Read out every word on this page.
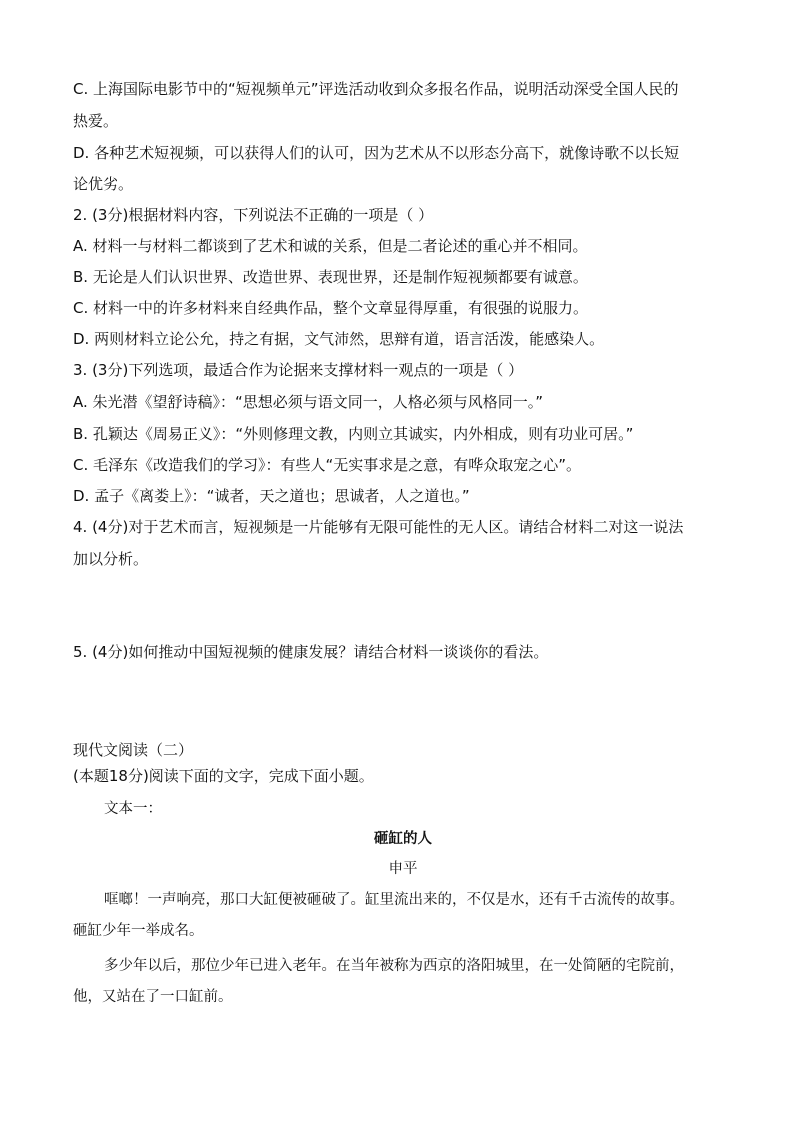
C. 上海国际电影节中的“短视频单元”评选活动收到众多报名作品，说明活动深受全国人民的
热爱。
D. 各种艺术短视频，可以获得人们的认可，因为艺术从不以形态分高下，就像诗歌不以长短
论优劣。
2. (3分)根据材料内容，下列说法不正确的一项是（ ）
A. 材料一与材料二都谈到了艺术和诚的关系，但是二者论述的重心并不相同。
B. 无论是人们认识世界、改造世界、表现世界，还是制作短视频都要有诚意。
C. 材料一中的许多材料来自经典作品，整个文章显得厚重，有很强的说服力。
D. 两则材料立论公允，持之有据，文气沛然，思辩有道，语言活泼，能感染人。
3. (3分)下列选项，最适合作为论据来支撑材料一观点的一项是（ ）
A. 朱光潜《望舒诗稿》：“思想必须与语文同一，人格必须与风格同一。”
B. 孔颖达《周易正义》：“外则修理文教，内则立其诚实，内外相成，则有功业可居。”
C. 毛泽东《改造我们的学习》：有些人“无实事求是之意，有哗众取宠之心”。
D. 孟子《离娄上》：“诚者，天之道也；思诚者，人之道也。”
4. (4分)对于艺术而言，短视频是一片能够有无限可能性的无人区。请结合材料二对这一说法
加以分析。
5. (4分)如何推动中国短视频的健康发展？请结合材料一谈谈你的看法。
现代文阅读（二）
(本题18分)阅读下面的文字，完成下面小题。
文本一：
砸缸的人
申平
哐啷！一声响亮，那口大缸便被砸破了。缸里流出来的，不仅是水，还有千古流传的故事。
砸缸少年一举成名。
多少年以后，那位少年已进入老年。在当年被称为西京的洛阳城里，在一处简陋的宅院前，
他，又站在了一口缸前。
